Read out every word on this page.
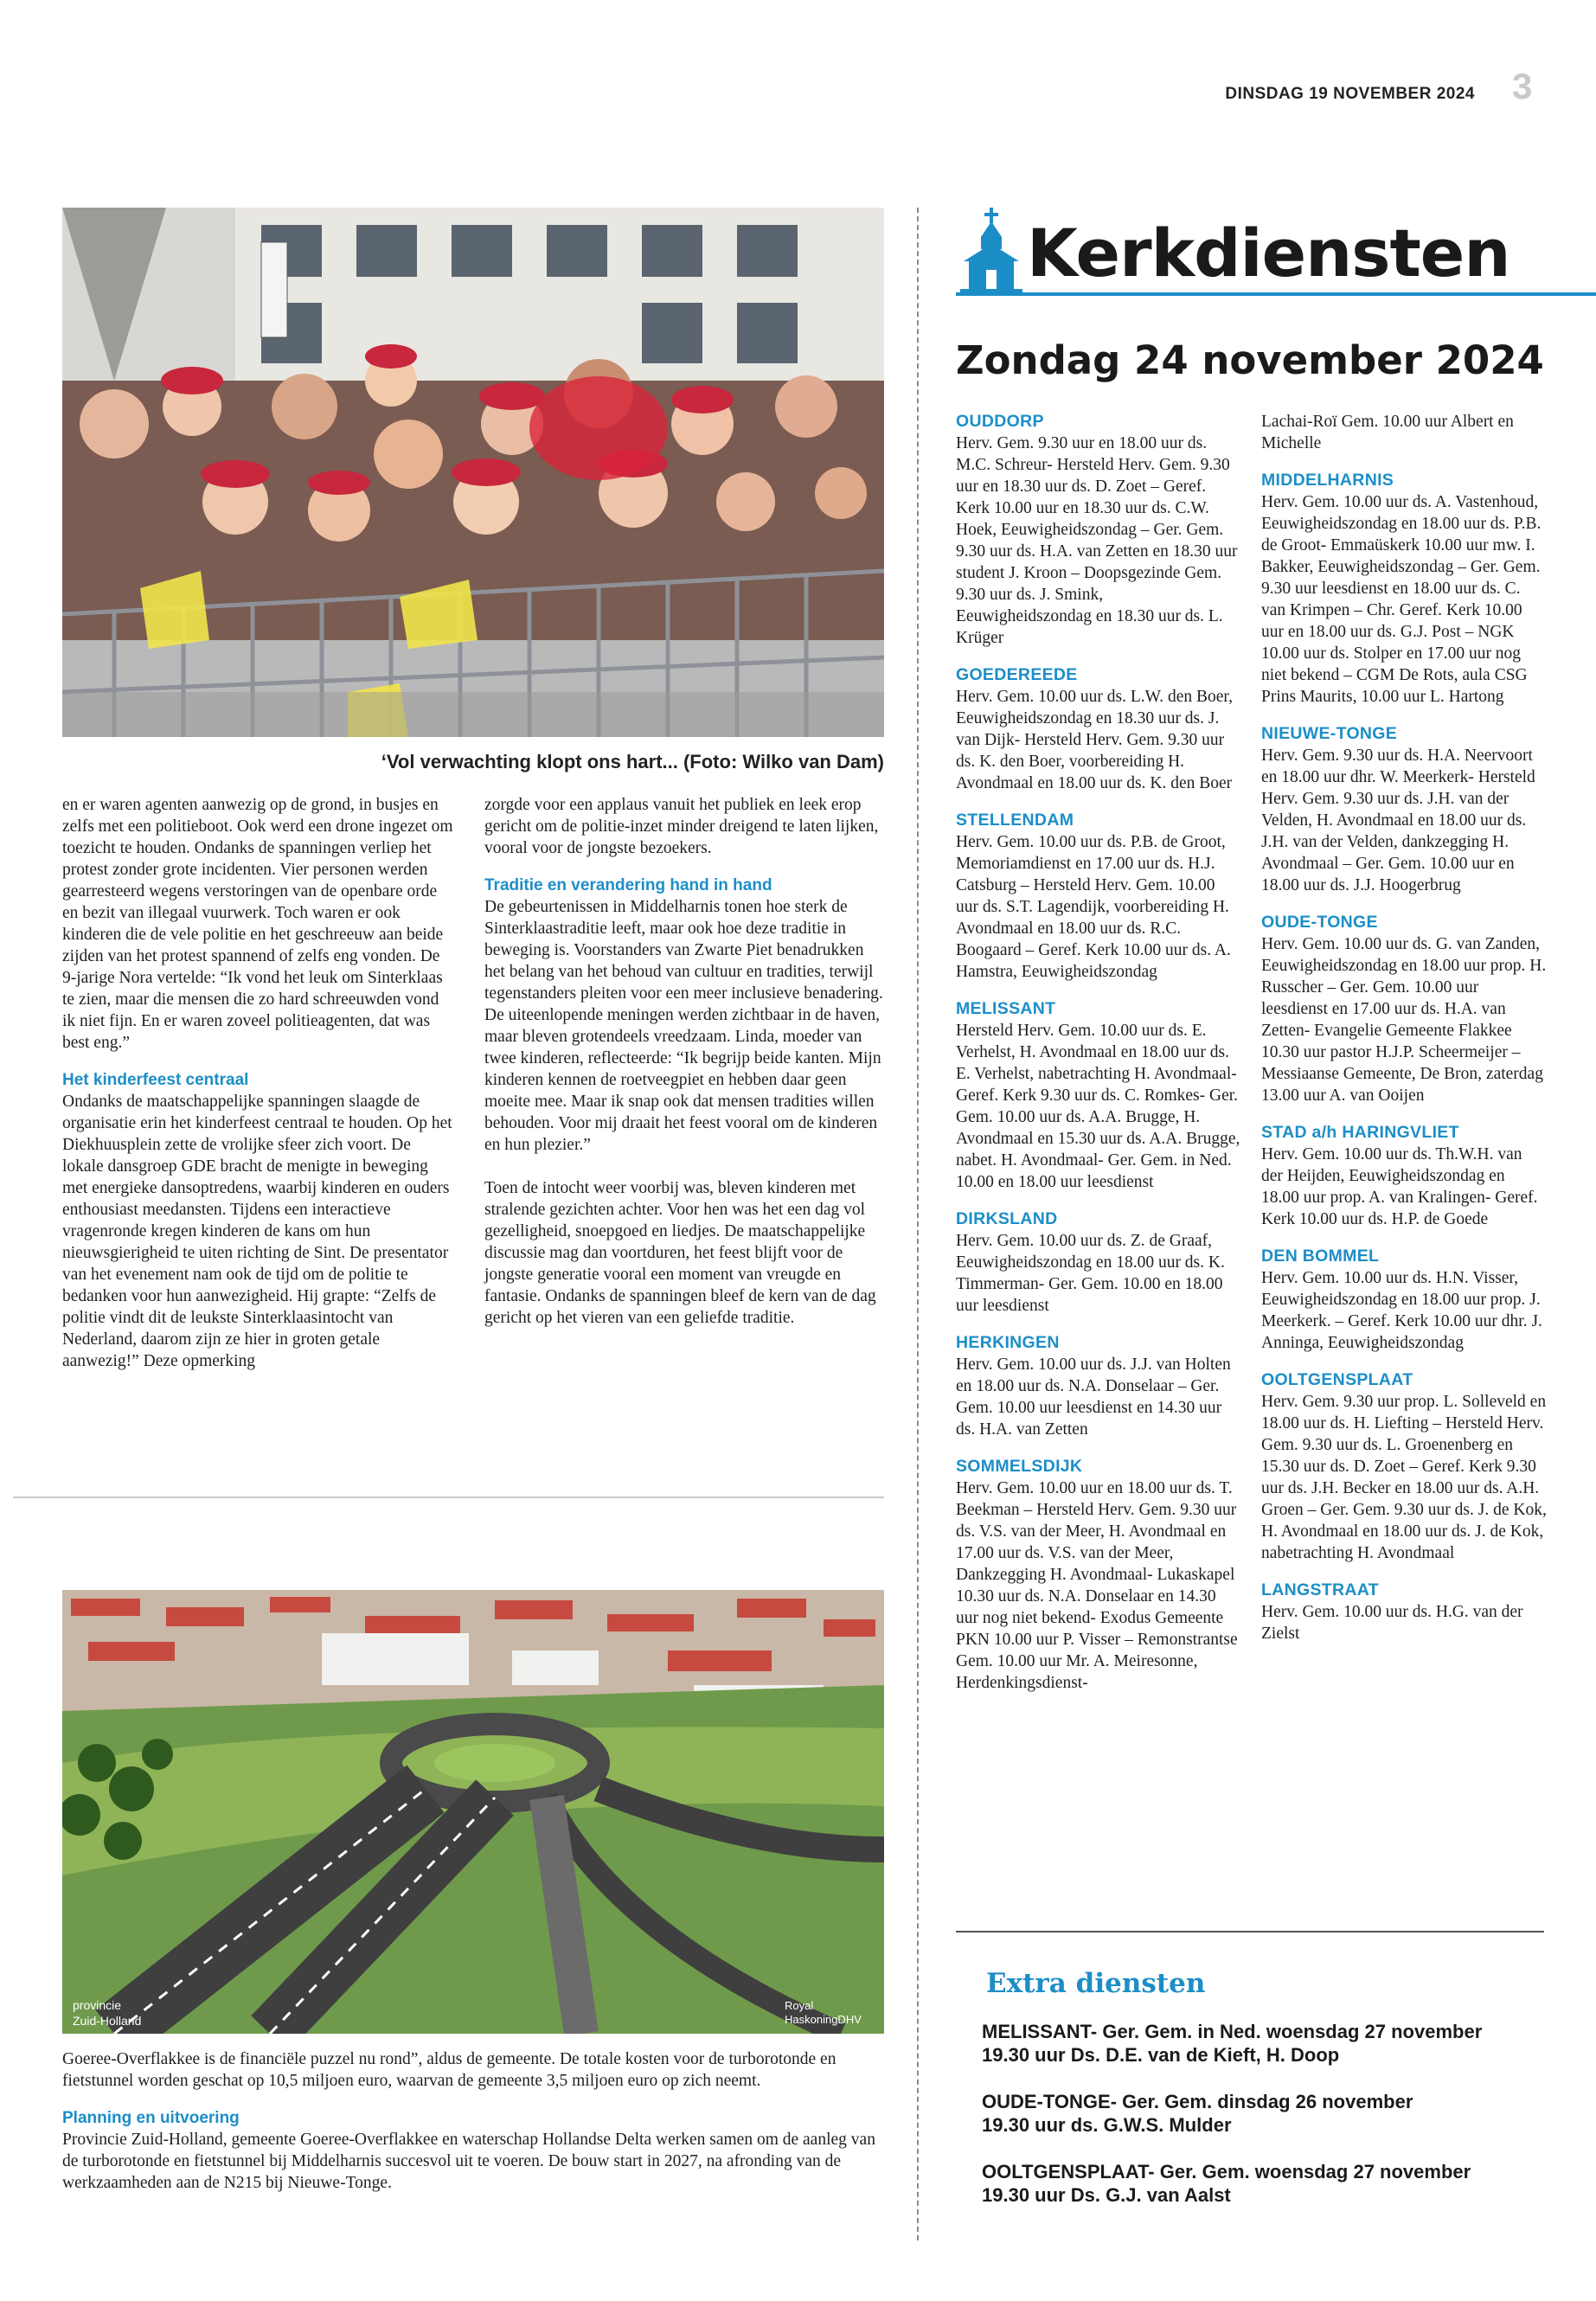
DINSDAG 19 NOVEMBER 2024 3
‘Vol verwachting klopt ons hart... (Foto: Wilko van Dam)

en er waren agenten aanwezig op de grond, in busjes en zelfs met een politieboot. Ook werd een drone ingezet om toezicht te houden. Ondanks de spanningen verliep het protest zonder grote incidenten. Vier personen werden gearresteerd wegens verstoringen van de openbare orde en bezit van illegaal vuurwerk. Toch waren er ook kinderen die de vele politie en het geschreeuw aan beide zijden van het protest spannend of zelfs eng vonden. De 9-jarige Nora vertelde: “Ik vond het leuk om Sinterklaas te zien, maar die mensen die zo hard schreeuwden vond ik niet fijn. En er waren zoveel politieagenten, dat was best eng.”

Het kinderfeest centraal

Ondanks de maatschappelijke spanningen slaagde de organisatie erin het kinderfeest centraal te houden. Op het Diekhuusplein zette de vrolijke sfeer zich voort. De lokale dansgroep GDE bracht de menigte in beweging met energieke dansoptredens, waarbij kinderen en ouders enthousiast meedansten. Tijdens een interactieve vragenronde kregen kinderen de kans om hun nieuwsgierigheid te uiten richting de Sint. De presentator van het evenement nam ook de tijd om de politie te bedanken voor hun aanwezigheid. Hij grapte: “Zelfs de politie vindt dit de leukste Sinterklaasintocht van Nederland, daarom zijn ze hier in groten getale aanwezig!” Deze opmerking

zorgde voor een applaus vanuit het publiek en leek erop gericht om de politie-inzet minder dreigend te laten lijken, vooral voor de jongste bezoekers.

Traditie en verandering hand in hand

De gebeurtenissen in Middelharnis tonen hoe sterk de Sinterklaastraditie leeft, maar ook hoe deze traditie in beweging is. Voorstanders van Zwarte Piet benadrukken het belang van het behoud van cultuur en tradities, terwijl tegenstanders pleiten voor een meer inclusieve benadering. De uiteenlopende meningen werden zichtbaar in de haven, maar bleven grotendeels vreedzaam. Linda, moeder van twee kinderen, reflecteerde: “Ik begrijp beide kanten. Mijn kinderen kennen de roetveegpiet en hebben daar geen moeite mee. Maar ik snap ook dat mensen tradities willen behouden. Voor mij draait het feest vooral om de kinderen en hun plezier.”

Toen de intocht weer voorbij was, bleven kinderen met stralende gezichten achter. Voor hen was het een dag vol gezelligheid, snoepgoed en liedjes. De maatschappelijke discussie mag dan voortduren, het feest blijft voor de jongste generatie vooral een moment van vreugde en fantasie. Ondanks de spanningen bleef de kern van de dag gericht op het vieren van een geliefde traditie.

provincie
Zuid-Holland
Royal
HaskoningDHV

Goeree-Overflakkee is de financiële puzzel nu rond”, aldus de gemeente. De totale kosten voor de turborotonde en fietstunnel worden geschat op 10,5 miljoen euro, waarvan de gemeente 3,5 miljoen euro op zich neemt.

Planning en uitvoering

Provincie Zuid-Holland, gemeente Goeree-Overflakkee en waterschap Hollandse Delta werken samen om de aanleg van de turborotonde en fietstunnel bij Middelharnis succesvol uit te voeren. De bouw start in 2027, na afronding van de werkzaamheden aan de N215 bij Nieuwe-Tonge.

Kerkdiensten
Zondag 24 november 2024
OUDDORP

Herv. Gem. 9.30 uur en 18.00 uur ds. M.C. Schreur- Hersteld Herv. Gem. 9.30 uur en 18.30 uur ds. D. Zoet – Geref. Kerk 10.00 uur en 18.30 uur ds. C.W. Hoek, Eeuwigheidszondag – Ger. Gem. 9.30 uur ds. H.A. van Zetten en 18.30 uur student J. Kroon – Doopsgezinde Gem. 9.30 uur ds. J. Smink, Eeuwigheidszondag en 18.30 uur ds. L. Krüger

GOEDEREEDE

Herv. Gem. 10.00 uur ds. L.W. den Boer, Eeuwigheidszondag en 18.30 uur ds. J. van Dijk- Hersteld Herv. Gem. 9.30 uur ds. K. den Boer, voorbereiding H. Avondmaal en 18.00 uur ds. K. den Boer

STELLENDAM

Herv. Gem. 10.00 uur ds. P.B. de Groot, Memoriamdienst en 17.00 uur ds. H.J. Catsburg – Hersteld Herv. Gem. 10.00 uur ds. S.T. Lagendijk, voorbereiding H. Avondmaal en 18.00 uur ds. R.C. Boogaard – Geref. Kerk 10.00 uur ds. A. Hamstra, Eeuwigheidszondag

MELISSANT

Hersteld Herv. Gem. 10.00 uur ds. E. Verhelst, H. Avondmaal en 18.00 uur ds. E. Verhelst, nabetrachting H. Avondmaal- Geref. Kerk 9.30 uur ds. C. Romkes- Ger. Gem. 10.00 uur ds. A.A. Brugge, H. Avondmaal en 15.30 uur ds. A.A. Brugge, nabet. H. Avondmaal- Ger. Gem. in Ned. 10.00 en 18.00 uur leesdienst

DIRKSLAND

Herv. Gem. 10.00 uur ds. Z. de Graaf, Eeuwigheidszondag en 18.00 uur ds. K. Timmerman- Ger. Gem. 10.00 en 18.00 uur leesdienst

HERKINGEN

Herv. Gem. 10.00 uur ds. J.J. van Holten en 18.00 uur ds. N.A. Donselaar – Ger. Gem. 10.00 uur leesdienst en 14.30 uur ds. H.A. van Zetten

SOMMELSDIJK

Herv. Gem. 10.00 uur en 18.00 uur ds. T. Beekman – Hersteld Herv. Gem. 9.30 uur ds. V.S. van der Meer, H. Avondmaal en 17.00 uur ds. V.S. van der Meer, Dankzegging H. Avondmaal- Lukaskapel 10.30 uur ds. N.A. Donselaar en 14.30 uur nog niet bekend- Exodus Gemeente PKN 10.00 uur P. Visser – Remonstrantse Gem. 10.00 uur Mr. A. Meiresonne, Herdenkingsdienst-

Lachai-Roï Gem. 10.00 uur Albert en Michelle

MIDDELHARNIS

Herv. Gem. 10.00 uur ds. A. Vastenhoud, Eeuwigheidszondag en 18.00 uur ds. P.B. de Groot- Emmaüskerk 10.00 uur mw. I. Bakker, Eeuwigheidszondag – Ger. Gem. 9.30 uur leesdienst en 18.00 uur ds. C. van Krimpen – Chr. Geref. Kerk 10.00 uur en 18.00 uur ds. G.J. Post – NGK 10.00 uur ds. Stolper en 17.00 uur nog niet bekend – CGM De Rots, aula CSG Prins Maurits, 10.00 uur L. Hartong

NIEUWE-TONGE

Herv. Gem. 9.30 uur ds. H.A. Neervoort en 18.00 uur dhr. W. Meerkerk- Hersteld Herv. Gem. 9.30 uur ds. J.H. van der Velden, H. Avondmaal en 18.00 uur ds. J.H. van der Velden, dankzegging H. Avondmaal – Ger. Gem. 10.00 uur en 18.00 uur ds. J.J. Hoogerbrug

OUDE-TONGE

Herv. Gem. 10.00 uur ds. G. van Zanden, Eeuwigheidszondag en 18.00 uur prop. H. Russcher – Ger. Gem. 10.00 uur leesdienst en 17.00 uur ds. H.A. van Zetten- Evangelie Gemeente Flakkee 10.30 uur pastor H.J.P. Scheermeijer – Messiaanse Gemeente, De Bron, zaterdag 13.00 uur A. van Ooijen

STAD a/h HARINGVLIET

Herv. Gem. 10.00 uur ds. Th.W.H. van der Heijden, Eeuwigheidszondag en 18.00 uur prop. A. van Kralingen- Geref. Kerk 10.00 uur ds. H.P. de Goede

DEN BOMMEL

Herv. Gem. 10.00 uur ds. H.N. Visser, Eeuwigheidszondag en 18.00 uur prop. J. Meerkerk. – Geref. Kerk 10.00 uur dhr. J. Anninga, Eeuwigheidszondag

OOLTGENSPLAAT

Herv. Gem. 9.30 uur prop. L. Solleveld en 18.00 uur ds. H. Liefting – Hersteld Herv. Gem. 9.30 uur ds. L. Groenenberg en 15.30 uur ds. D. Zoet – Geref. Kerk 9.30 uur ds. J.H. Becker en 18.00 uur ds. A.H. Groen – Ger. Gem. 9.30 uur ds. J. de Kok, H. Avondmaal en 18.00 uur ds. J. de Kok, nabetrachting H. Avondmaal

LANGSTRAAT

Herv. Gem. 10.00 uur ds. H.G. van der Zielst

Extra diensten
MELISSANT- Ger. Gem. in Ned. woensdag 27 november
19.30 uur Ds. D.E. van de Kieft, H. Doop
OUDE-TONGE- Ger. Gem. dinsdag 26 november
19.30 uur ds. G.W.S. Mulder
OOLTGENSPLAAT- Ger. Gem. woensdag 27 november
19.30 uur Ds. G.J. van Aalst
